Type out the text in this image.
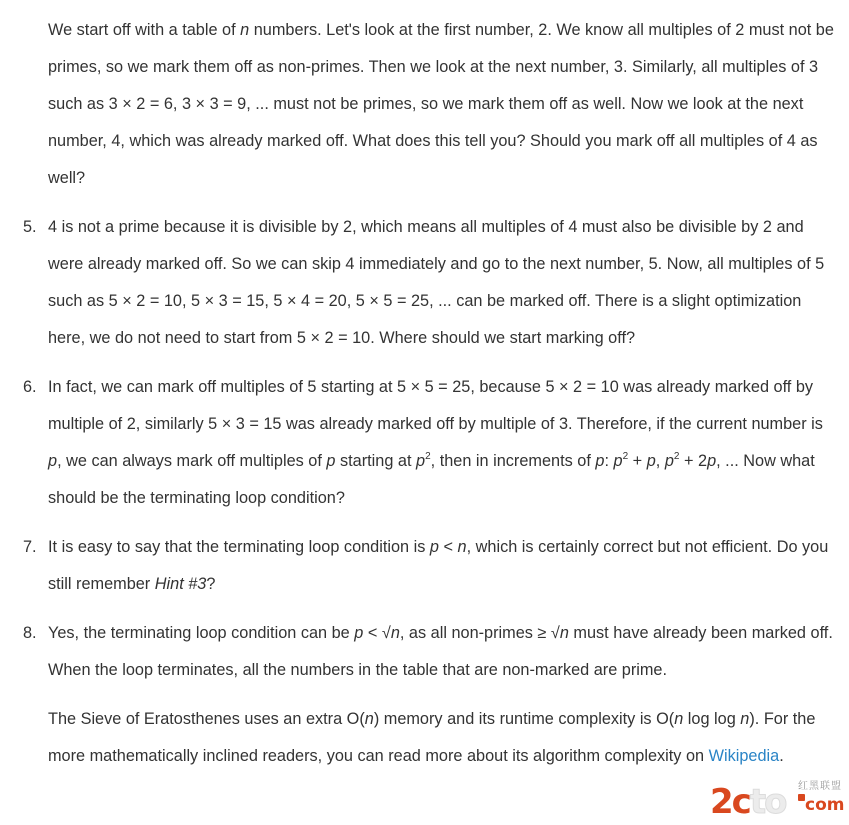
We start off with a table of n numbers. Let's look at the first number, 2. We know all multiples of 2 must not be primes, so we mark them off as non-primes. Then we look at the next number, 3. Similarly, all multiples of 3 such as 3 × 2 = 6, 3 × 3 = 9, ... must not be primes, so we mark them off as well. Now we look at the next number, 4, which was already marked off. What does this tell you? Should you mark off all multiples of 4 as well?

5. 4 is not a prime because it is divisible by 2, which means all multiples of 4 must also be divisible by 2 and were already marked off. So we can skip 4 immediately and go to the next number, 5. Now, all multiples of 5 such as 5 × 2 = 10, 5 × 3 = 15, 5 × 4 = 20, 5 × 5 = 25, ... can be marked off. There is a slight optimization here, we do not need to start from 5 × 2 = 10. Where should we start marking off?
6. In fact, we can mark off multiples of 5 starting at 5 × 5 = 25, because 5 × 2 = 10 was already marked off by multiple of 2, similarly 5 × 3 = 15 was already marked off by multiple of 3. Therefore, if the current number is p, we can always mark off multiples of p starting at $p^2$, then in increments of p: $p^2 + p$, $p^2 + 2p$, ... Now what should be the terminating loop condition?
7. It is easy to say that the terminating loop condition is p < n, which is certainly correct but not efficient. Do you still remember Hint #3?
8. Yes, the terminating loop condition can be p < √n, as all non-primes ≥ √n must have already been marked off. When the loop terminates, all the numbers in the table that are non-marked are prime.

The Sieve of Eratosthenes uses an extra O(n) memory and its runtime complexity is O(n log log n). For the more mathematically inclined readers, you can read more about its algorithm complexity on Wikipedia.

2cto 红黑联盟
com
